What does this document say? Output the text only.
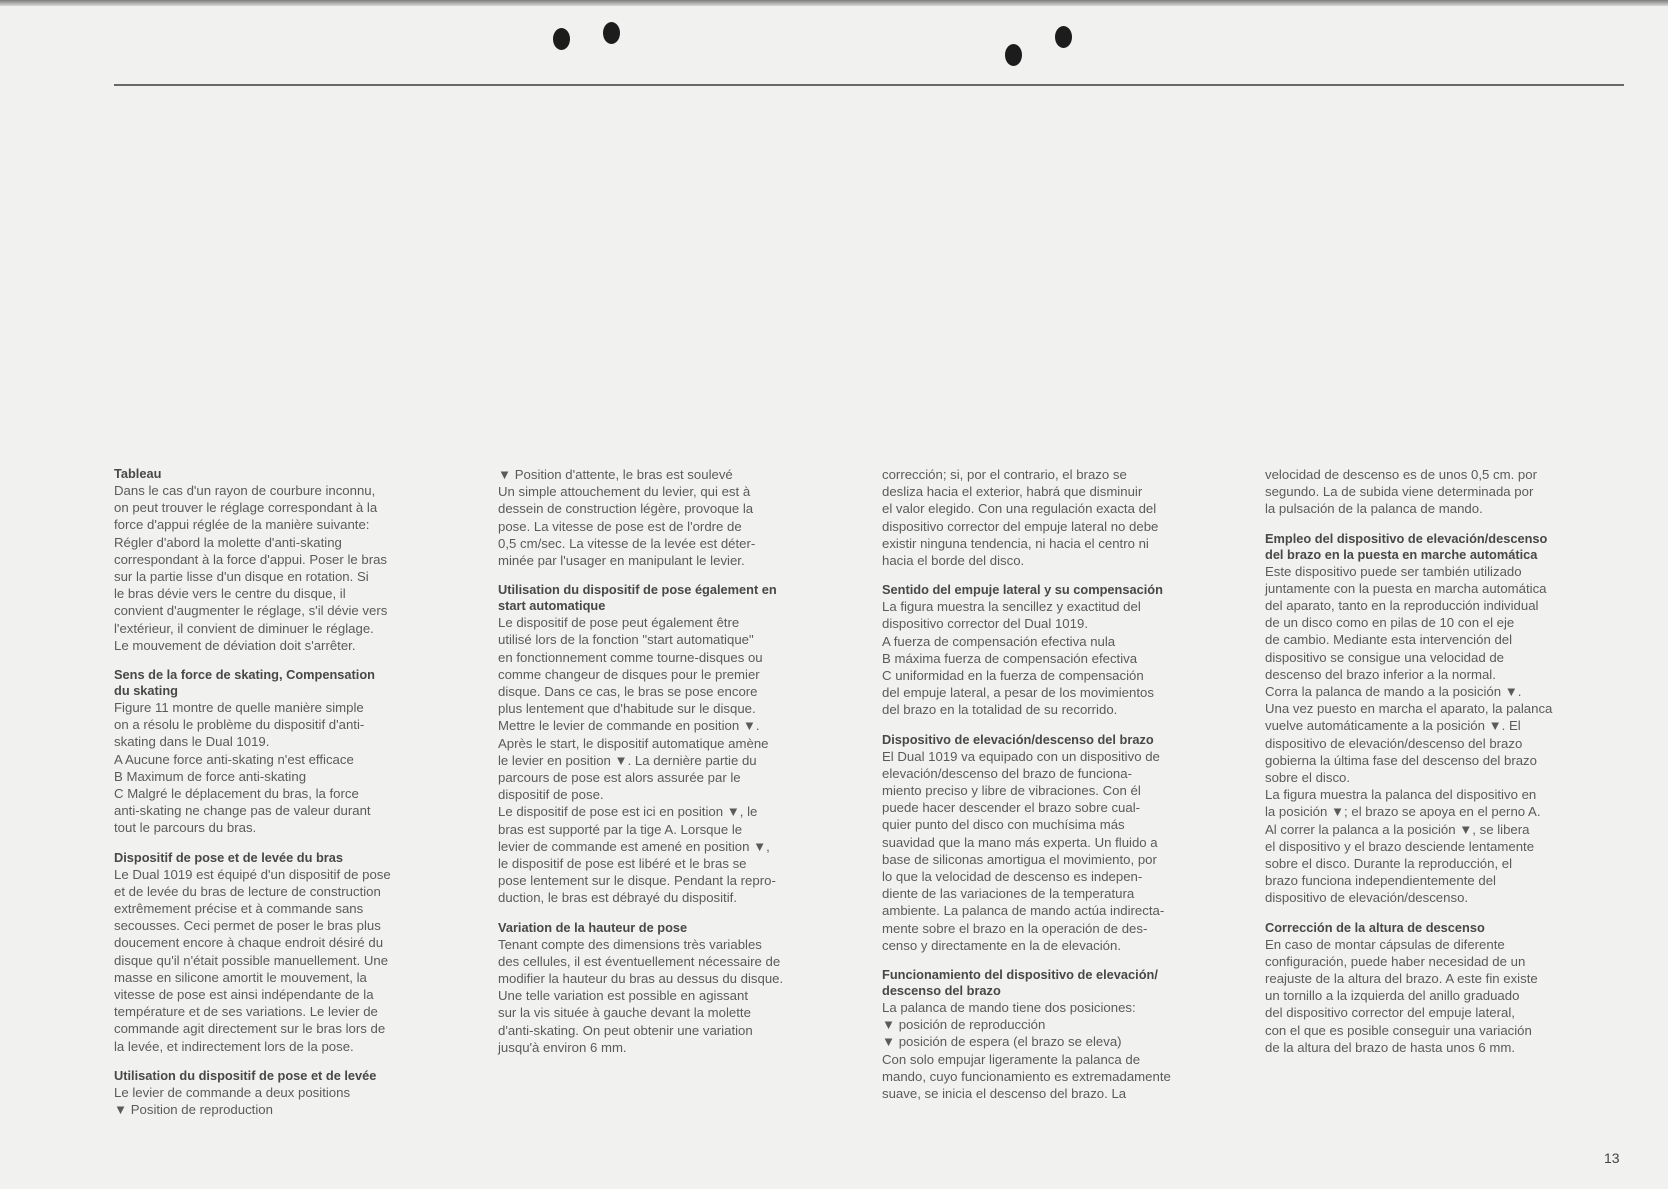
Tableau

Dans le cas d'un rayon de courbure inconnu,
on peut trouver le réglage correspondant à la
force d'appui réglée de la manière suivante:
Régler d'abord la molette d'anti-skating
correspondant à la force d'appui. Poser le bras
sur la partie lisse d'un disque en rotation. Si
le bras dévie vers le centre du disque, il
convient d'augmenter le réglage, s'il dévie vers
l'extérieur, il convient de diminuer le réglage.
Le mouvement de déviation doit s'arrêter.

Sens de la force de skating, Compensation
du skating

Figure 11 montre de quelle manière simple
on a résolu le problème du dispositif d'anti-
skating dans le Dual 1019.
A Aucune force anti-skating n'est efficace
B Maximum de force anti-skating
C Malgré le déplacement du bras, la force
anti-skating ne change pas de valeur durant
tout le parcours du bras.

Dispositif de pose et de levée du bras

Le Dual 1019 est équipé d'un dispositif de pose
et de levée du bras de lecture de construction
extrêmement précise et à commande sans
secousses. Ceci permet de poser le bras plus
doucement encore à chaque endroit désiré du
disque qu'il n'était possible manuellement. Une
masse en silicone amortit le mouvement, la
vitesse de pose est ainsi indépendante de la
température et de ses variations. Le levier de
commande agit directement sur le bras lors de
la levée, et indirectement lors de la pose.

Utilisation du dispositif de pose et de levée

Le levier de commande a deux positions
▼ Position de reproduction

▼ Position d'attente, le bras est soulevé
Un simple attouchement du levier, qui est à
dessein de construction légère, provoque la
pose. La vitesse de pose est de l'ordre de
0,5 cm/sec. La vitesse de la levée est déter-
minée par l'usager en manipulant le levier.

Utilisation du dispositif de pose également en
start automatique

Le dispositif de pose peut également être
utilisé lors de la fonction "start automatique"
en fonctionnement comme tourne-disques ou
comme changeur de disques pour le premier
disque. Dans ce cas, le bras se pose encore
plus lentement que d'habitude sur le disque.
Mettre le levier de commande en position ▼.
Après le start, le dispositif automatique amène
le levier en position ▼. La dernière partie du
parcours de pose est alors assurée par le
dispositif de pose.
Le dispositif de pose est ici en position ▼, le
bras est supporté par la tige A. Lorsque le
levier de commande est amené en position ▼,
le dispositif de pose est libéré et le bras se
pose lentement sur le disque. Pendant la repro-
duction, le bras est débrayé du dispositif.

Variation de la hauteur de pose

Tenant compte des dimensions très variables
des cellules, il est éventuellement nécessaire de
modifier la hauteur du bras au dessus du disque.
Une telle variation est possible en agissant
sur la vis située à gauche devant la molette
d'anti-skating. On peut obtenir une variation
jusqu'à environ 6 mm.

corrección; si, por el contrario, el brazo se
desliza hacia el exterior, habrá que disminuir
el valor elegido. Con una regulación exacta del
dispositivo corrector del empuje lateral no debe
existir ninguna tendencia, ni hacia el centro ni
hacia el borde del disco.

Sentido del empuje lateral y su compensación

La figura muestra la sencillez y exactitud del
dispositivo corrector del Dual 1019.
A fuerza de compensación efectiva nula
B máxima fuerza de compensación efectiva
C uniformidad en la fuerza de compensación
del empuje lateral, a pesar de los movimientos
del brazo en la totalidad de su recorrido.

Dispositivo de elevación/descenso del brazo

El Dual 1019 va equipado con un dispositivo de
elevación/descenso del brazo de funciona-
miento preciso y libre de vibraciones. Con él
puede hacer descender el brazo sobre cual-
quier punto del disco con muchísima más
suavidad que la mano más experta. Un fluido a
base de siliconas amortigua el movimiento, por
lo que la velocidad de descenso es indepen-
diente de las variaciones de la temperatura
ambiente. La palanca de mando actúa indirecta-
mente sobre el brazo en la operación de des-
censo y directamente en la de elevación.

Funcionamiento del dispositivo de elevación/
descenso del brazo

La palanca de mando tiene dos posiciones:
▼ posición de reproducción
▼ posición de espera (el brazo se eleva)
Con solo empujar ligeramente la palanca de
mando, cuyo funcionamiento es extremadamente
suave, se inicia el descenso del brazo. La

velocidad de descenso es de unos 0,5 cm. por
segundo. La de subida viene determinada por
la pulsación de la palanca de mando.

Empleo del dispositivo de elevación/descenso
del brazo en la puesta en marche automática

Este dispositivo puede ser también utilizado
juntamente con la puesta en marcha automática
del aparato, tanto en la reproducción individual
de un disco como en pilas de 10 con el eje
de cambio. Mediante esta intervención del
dispositivo se consigue una velocidad de
descenso del brazo inferior a la normal.
Corra la palanca de mando a la posición ▼.
Una vez puesto en marcha el aparato, la palanca
vuelve automáticamente a la posición ▼. El
dispositivo de elevación/descenso del brazo
gobierna la última fase del descenso del brazo
sobre el disco.
La figura muestra la palanca del dispositivo en
la posición ▼; el brazo se apoya en el perno A.
Al correr la palanca a la posición ▼, se libera
el dispositivo y el brazo desciende lentamente
sobre el disco. Durante la reproducción, el
brazo funciona independientemente del
dispositivo de elevación/descenso.

Corrección de la altura de descenso

En caso de montar cápsulas de diferente
configuración, puede haber necesidad de un
reajuste de la altura del brazo. A este fin existe
un tornillo a la izquierda del anillo graduado
del dispositivo corrector del empuje lateral,
con el que es posible conseguir una variación
de la altura del brazo de hasta unos 6 mm.

13
